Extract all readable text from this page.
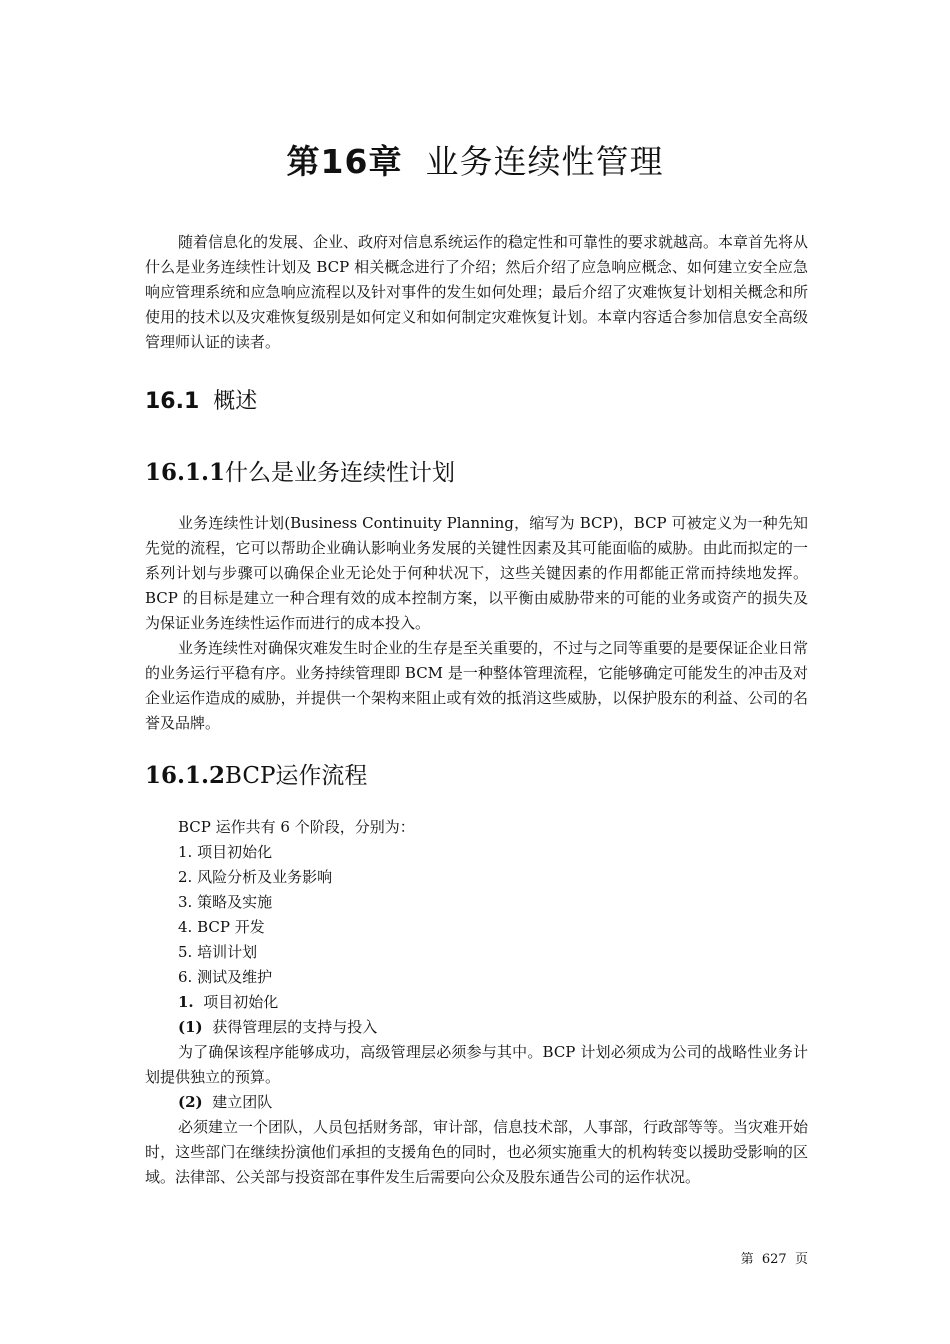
第16章 业务连续性管理

随着信息化的发展、企业、政府对信息系统运作的稳定性和可靠性的要求就越高。本章首先将从什么是业务连续性计划及 BCP 相关概念进行了介绍；然后介绍了应急响应概念、如何建立安全应急响应管理系统和应急响应流程以及针对事件的发生如何处理；最后介绍了灾难恢复计划相关概念和所使用的技术以及灾难恢复级别是如何定义和如何制定灾难恢复计划。本章内容适合参加信息安全高级管理师认证的读者。

16.1 概述
16.1.1什么是业务连续性计划

业务连续性计划(Business Continuity Planning，缩写为 BCP)，BCP 可被定义为一种先知先觉的流程，它可以帮助企业确认影响业务发展的关键性因素及其可能面临的威胁。由此而拟定的一系列计划与步骤可以确保企业无论处于何种状况下，这些关键因素的作用都能正常而持续地发挥。BCP 的目标是建立一种合理有效的成本控制方案，以平衡由威胁带来的可能的业务或资产的损失及为保证业务连续性运作而进行的成本投入。

业务连续性对确保灾难发生时企业的生存是至关重要的，不过与之同等重要的是要保证企业日常的业务运行平稳有序。业务持续管理即 BCM 是一种整体管理流程，它能够确定可能发生的冲击及对企业运作造成的威胁，并提供一个架构来阻止或有效的抵消这些威胁，以保护股东的利益、公司的名誉及品牌。

16.1.2BCP运作流程

BCP 运作共有 6 个阶段，分别为：

1. 项目初始化

2. 风险分析及业务影响

3. 策略及实施

4. BCP 开发

5. 培训计划

6. 测试及维护

1. 项目初始化

(1) 获得管理层的支持与投入

为了确保该程序能够成功，高级管理层必须参与其中。BCP 计划必须成为公司的战略性业务计划提供独立的预算。

(2) 建立团队

必须建立一个团队，人员包括财务部，审计部，信息技术部，人事部，行政部等等。当灾难开始时，这些部门在继续扮演他们承担的支援角色的同时，也必须实施重大的机构转变以援助受影响的区域。法律部、公关部与投资部在事件发生后需要向公众及股东通告公司的运作状况。

第 627 页
